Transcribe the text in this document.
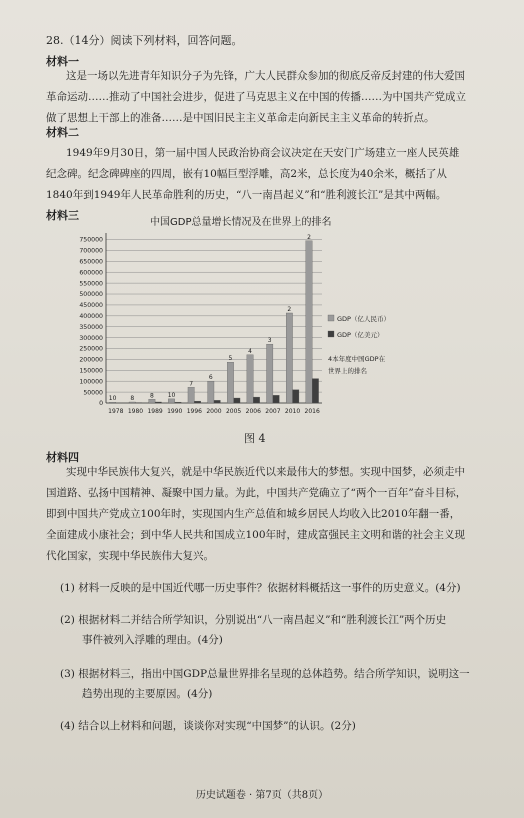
28.（14分）阅读下列材料，回答问题。
材料一
这是一场以先进青年知识分子为先锋，广大人民群众参加的彻底反帝反封建的伟大爱国
革命运动……推动了中国社会进步，促进了马克思主义在中国的传播……为中国共产党成立
做了思想上干部上的准备……是中国旧民主主义革命走向新民主主义革命的转折点。
材料二
1949年9月30日，第一届中国人民政治协商会议决定在天安门广场建立一座人民英雄
纪念碑。纪念碑碑座的四周，嵌有10幅巨型浮雕，高2米，总长度为40余米，概括了从
1840年到1949年人民革命胜利的历史，“八一南昌起义”和“胜利渡长江”是其中两幅。
材料三
中国GDP总量增长情况及在世界上的排名
0
50000
100000
150000
200000
250000
300000
350000
400000
450000
500000
550000
600000
650000
700000
750000
10 8	8 10
7
6
5
4
3
2
2
1978 1980 1989 1990 1996 2000 2005 2006 2007 2010 2016
GDP（亿人民币）
GDP（亿美元）
4本年度中国GDP在
世界上的排名
图 4
材料四
实现中华民族伟大复兴，就是中华民族近代以来最伟大的梦想。实现中国梦，必须走中
国道路、弘扬中国精神、凝聚中国力量。为此，中国共产党确立了“两个一百年”奋斗目标，
即到中国共产党成立100年时，实现国内生产总值和城乡居民人均收入比2010年翻一番，
全面建成小康社会；到中华人民共和国成立100年时，建成富强民主文明和谐的社会主义现
代化国家，实现中华民族伟大复兴。
(1) 材料一反映的是中国近代哪一历史事件？依据材料概括这一事件的历史意义。(4分)
(2) 根据材料二并结合所学知识，分别说出“八一南昌起义”和“胜利渡长江”两个历史
事件被列入浮雕的理由。(4分)
(3) 根据材料三，指出中国GDP总量世界排名呈现的总体趋势。结合所学知识，说明这一
趋势出现的主要原因。(4分)
(4) 结合以上材料和问题，谈谈你对实现“中国梦”的认识。(2分)
历史试题卷 · 第7页（共8页）
